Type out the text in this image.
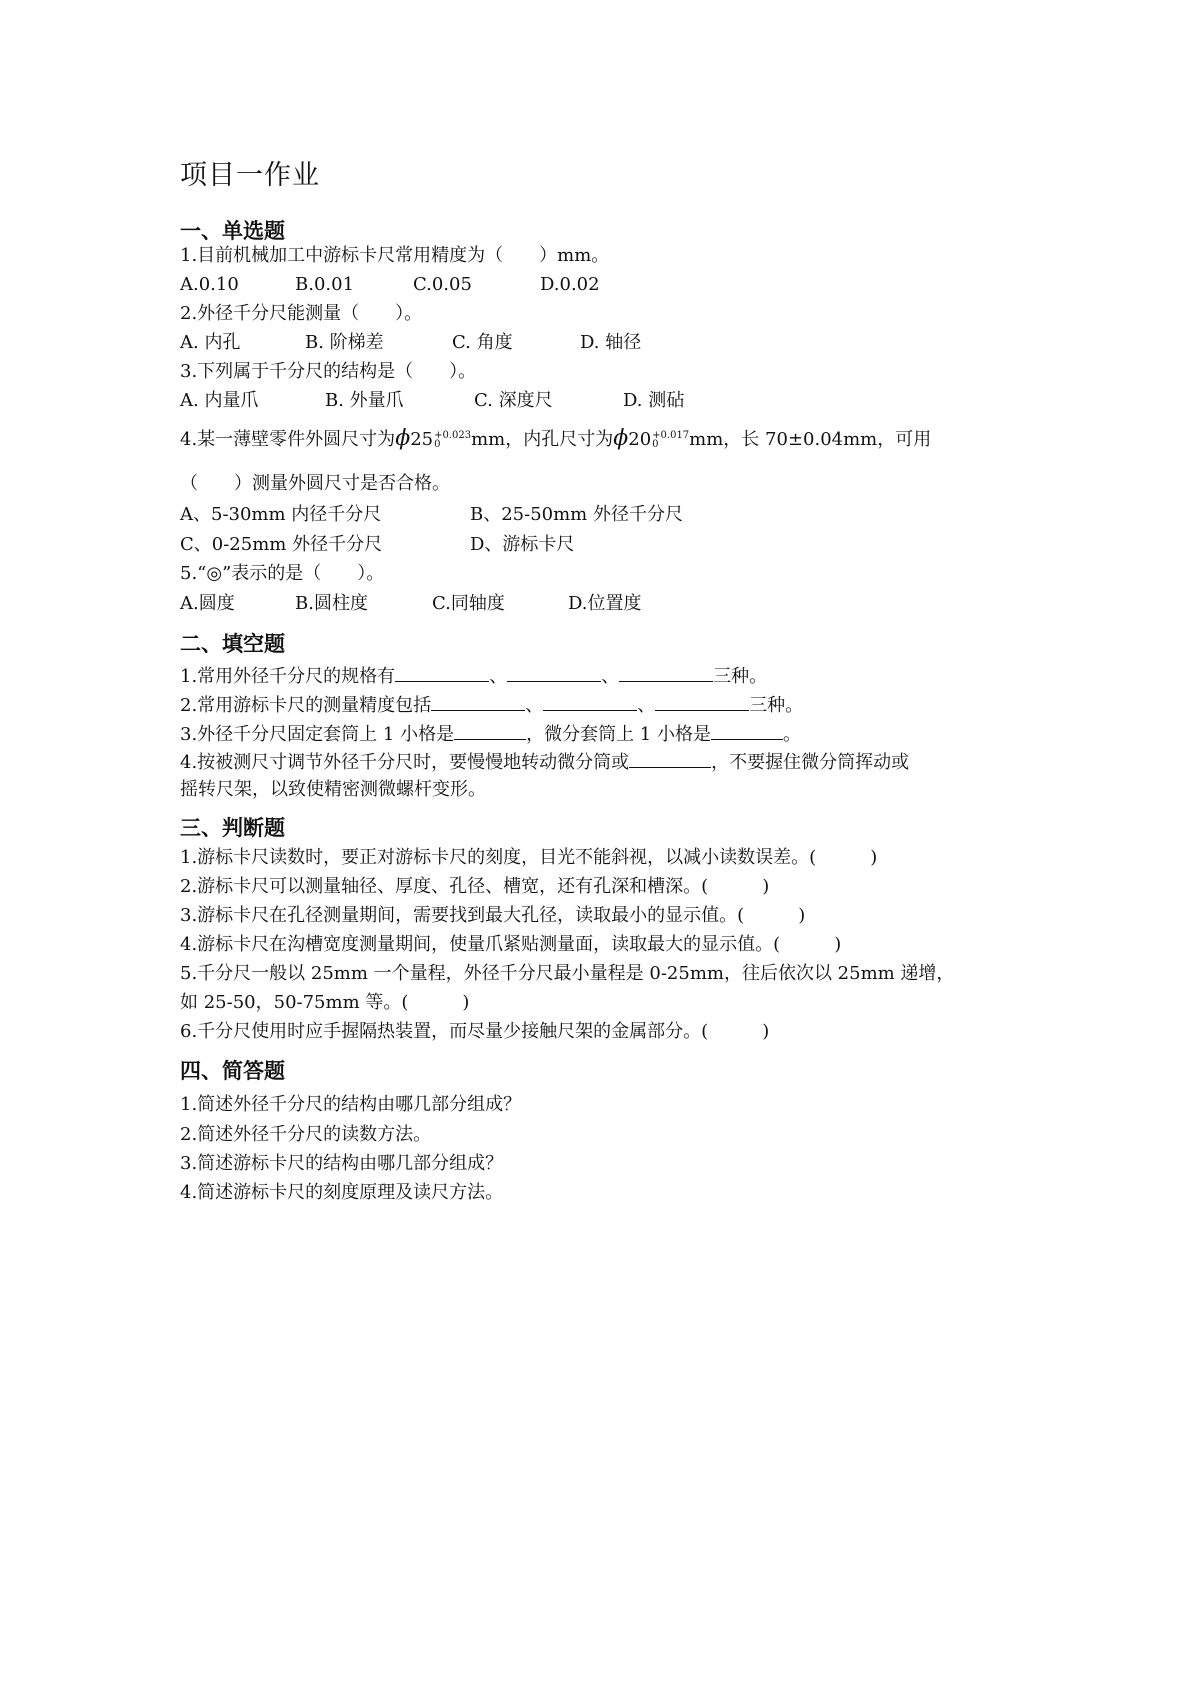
项目一作业
一、单选题
1.目前机械加工中游标卡尺常用精度为（　　）mm。
A.0.10	B.0.01	C.0.05	D.0.02
2.外径千分尺能测量（　　）。
A. 内孔	B. 阶梯差	C. 角度	D. 轴径
3.下列属于千分尺的结构是（　　）。
A. 内量爪	B. 外量爪	C. 深度尺	D. 测砧
4.某一薄壁零件外圆尺寸为ϕ25 +0.023
0	mm，内孔尺寸为ϕ20 +0.017
0	mm，长 70±0.04mm，可用
（　　）测量外圆尺寸是否合格。
A、5-30mm 内径千分尺	B、25-50mm 外径千分尺
C、0-25mm 外径千分尺	D、游标卡尺
5.“◎”表示的是（　　）。
A.圆度	B.圆柱度	C.同轴度	D.位置度
二、填空题
1.常用外径千分尺的规格有	、	、	三种。
2.常用游标卡尺的测量精度包括	、	、	三种。
3.外径千分尺固定套筒上 1 小格是	，微分套筒上 1 小格是	。
4.按被测尺寸调节外径千分尺时，要慢慢地转动微分筒或	，不要握住微分筒挥动或
摇转尺架，以致使精密测微螺杆变形。
三、判断题
1.游标卡尺读数时，要正对游标卡尺的刻度，目光不能斜视，以减小读数误差。(　　　)
2.游标卡尺可以测量轴径、厚度、孔径、槽宽，还有孔深和槽深。(　　　)
3.游标卡尺在孔径测量期间，需要找到最大孔径，读取最小的显示值。(　　　)
4.游标卡尺在沟槽宽度测量期间，使量爪紧贴测量面，读取最大的显示值。(　　　)
5.千分尺一般以 25mm 一个量程，外径千分尺最小量程是 0-25mm，往后依次以 25mm 递增，
如 25-50，50-75mm 等。(　　　)
6.千分尺使用时应手握隔热装置，而尽量少接触尺架的金属部分。(　　　)
四、简答题
1.简述外径千分尺的结构由哪几部分组成？
2.简述外径千分尺的读数方法。
3.简述游标卡尺的结构由哪几部分组成？
4.简述游标卡尺的刻度原理及读尺方法。
